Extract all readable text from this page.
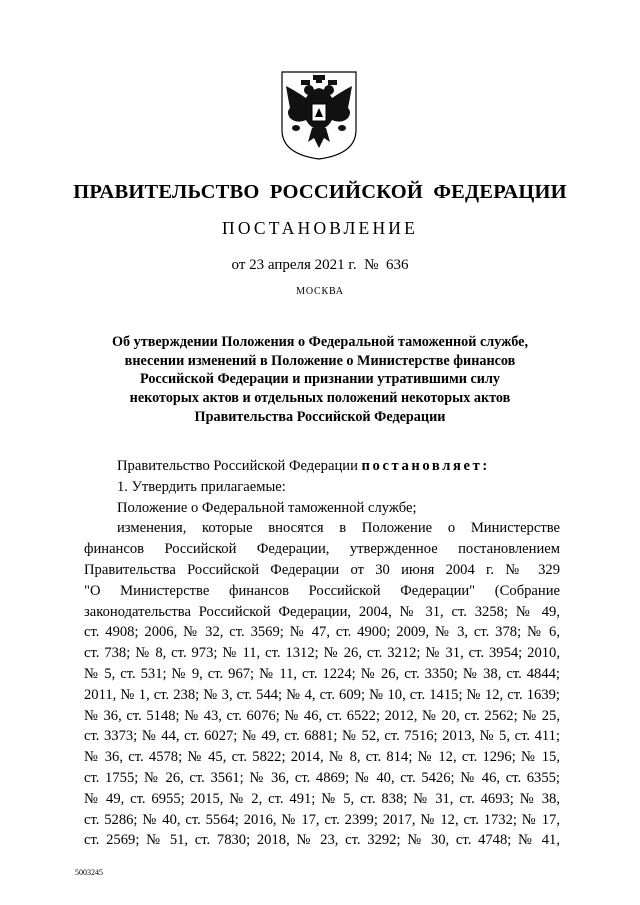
ПРАВИТЕЛЬСТВО РОССИЙСКОЙ ФЕДЕРАЦИИ
ПОСТАНОВЛЕНИЕ
от 23 апреля 2021 г.  №  636
МОСКВА
Об утверждении Положения о Федеральной таможенной службе,
внесении изменений в Положение о Министерстве финансов
Российской Федерации и признании утратившими силу
некоторых актов и отдельных положений некоторых актов
Правительства Российской Федерации

Правительство Российской Федерации постановляет:

1. Утвердить прилагаемые:

Положение о Федеральной таможенной службе;

изменения, которые вносятся в Положение о Министерстве
финансов Российской Федерации, утвержденное постановлением
Правительства Российской Федерации от 30 июня 2004 г. № 329
"О Министерстве финансов Российской Федерации" (Собрание
законодательства Российской Федерации, 2004, № 31, ст. 3258; № 49,
ст. 4908; 2006, № 32, ст. 3569; № 47, ст. 4900; 2009, № 3, ст. 378; № 6,
ст. 738; № 8, ст. 973; № 11, ст. 1312; № 26, ст. 3212; № 31, ст. 3954; 2010,
№ 5, ст. 531; № 9, ст. 967; № 11, ст. 1224; № 26, ст. 3350; № 38, ст. 4844;
2011, № 1, ст. 238; № 3, ст. 544; № 4, ст. 609; № 10, ст. 1415; № 12, ст. 1639;
№ 36, ст. 5148; № 43, ст. 6076; № 46, ст. 6522; 2012, № 20, ст. 2562; № 25,
ст. 3373; № 44, ст. 6027; № 49, ст. 6881; № 52, ст. 7516; 2013, № 5, ст. 411;
№ 36, ст. 4578; № 45, ст. 5822; 2014, № 8, ст. 814; № 12, ст. 1296; № 15,
ст. 1755; № 26, ст. 3561; № 36, ст. 4869; № 40, ст. 5426; № 46, ст. 6355;
№ 49, ст. 6955; 2015, № 2, ст. 491; № 5, ст. 838; № 31, ст. 4693; № 38,
ст. 5286; № 40, ст. 5564; 2016, № 17, ст. 2399; 2017, № 12, ст. 1732; № 17,
ст. 2569; № 51, ст. 7830; 2018, № 23, ст. 3292; № 30, ст. 4748; № 41,
5003245
